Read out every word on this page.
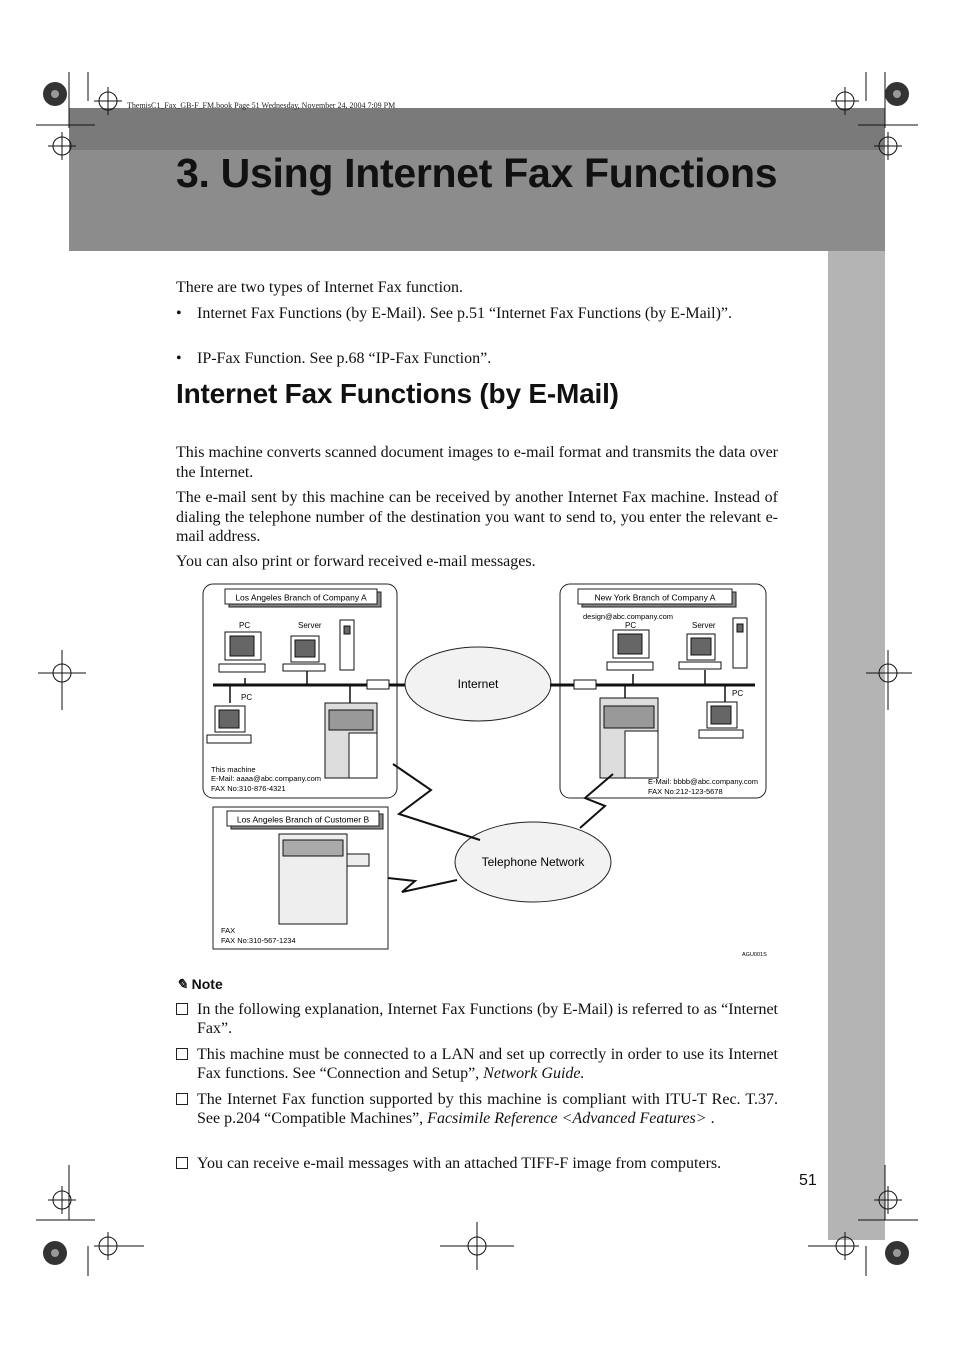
ThemisC1_Fax_GB-F_FM.book Page 51 Wednesday, November 24, 2004 7:09 PM
3. Using Internet Fax Functions
There are two types of Internet Fax function.
• Internet Fax Functions (by E-Mail). See p.51 “Internet Fax Functions (by E-Mail)”.
• IP-Fax Function. See p.68 “IP-Fax Function”.
Internet Fax Functions (by E-Mail)
This machine converts scanned document images to e-mail format and transmits the data over the Internet.
The e-mail sent by this machine can be received by another Internet Fax machine. Instead of dialing the telephone number of the destination you want to send to, you enter the relevant e-mail address.
You can also print or forward received e-mail messages.
Los Angeles Branch of Company A	New York Branch of Company A
Los Angeles Branch of Customer B
Internet
Telephone Network
PC	Server
PC
design@abc.company.com
PC	Server
PC
This machine
E-Mail: aaaa@abc.company.com
FAX No:310-876-4321
E-Mail: bbbb@abc.company.com
FAX No:212-123-5678
FAX
FAX No:310-567-1234
AGU001S
✎ Note
In the following explanation, Internet Fax Functions (by E-Mail) is referred to as “Internet Fax”.
This machine must be connected to a LAN and set up correctly in order to use its Internet Fax functions. See “Connection and Setup”, Network Guide.
The Internet Fax function supported by this machine is compliant with ITU-T Rec. T.37. See p.204 “Compatible Machines”, Facsimile Reference <Advanced Features> .
You can receive e-mail messages with an attached TIFF-F image from computers.
51
